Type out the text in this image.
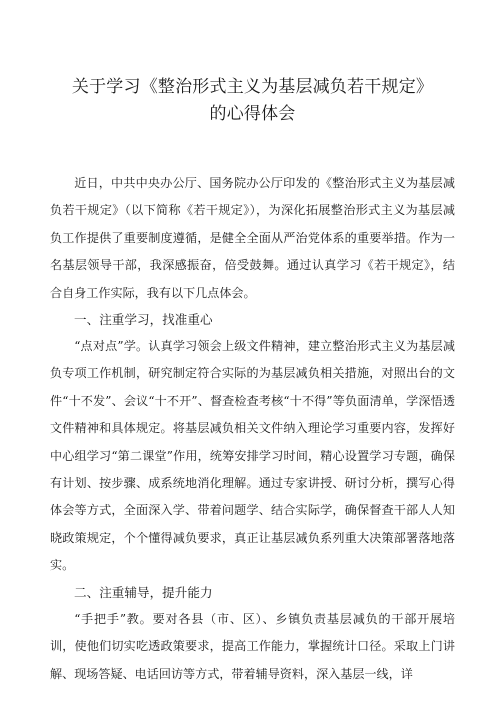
关于学习《整治形式主义为基层减负若干规定》
的心得体会

近日，中共中央办公厅、国务院办公厅印发的《整治形式主义为基层减负若干规定》（以下简称《若干规定》），为深化拓展整治形式主义为基层减负工作提供了重要制度遵循，是健全全面从严治党体系的重要举措。作为一名基层领导干部，我深感振奋，倍受鼓舞。通过认真学习《若干规定》，结合自身工作实际，我有以下几点体会。

一、注重学习，找准重心

“点对点”学。认真学习领会上级文件精神，建立整治形式主义为基层减负专项工作机制，研究制定符合实际的为基层减负相关措施，对照出台的文件“十不发”、会议“十不开”、督查检查考核“十不得”等负面清单，学深悟透文件精神和具体规定。将基层减负相关文件纳入理论学习重要内容，发挥好中心组学习“第二课堂”作用，统筹安排学习时间，精心设置学习专题，确保有计划、按步骤、成系统地消化理解。通过专家讲授、研讨分析，撰写心得体会等方式，全面深入学、带着问题学、结合实际学，确保督查干部人人知晓政策规定，个个懂得减负要求，真正让基层减负系列重大决策部署落地落实。

二、注重辅导，提升能力

“手把手”教。要对各县（市、区）、乡镇负责基层减负的干部开展培训，使他们切实吃透政策要求，提高工作能力，掌握统计口径。采取上门讲解、现场答疑、电话回访等方式，带着辅导资料，深入基层一线，详
